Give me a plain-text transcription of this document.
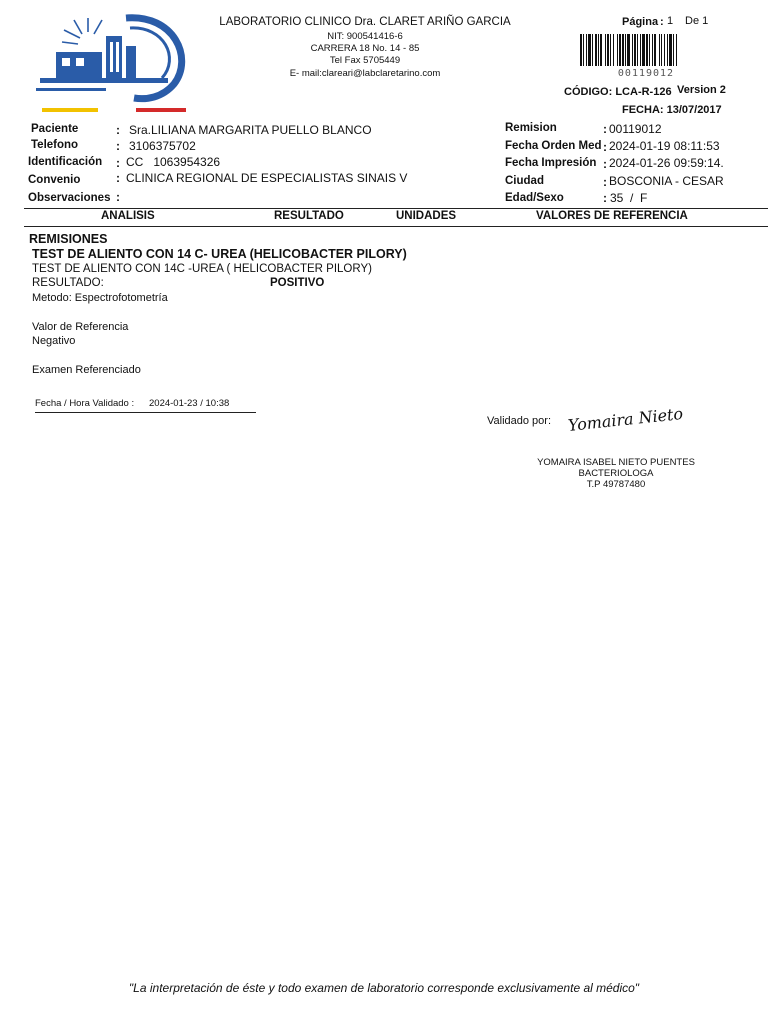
LABORATORIO CLINICO Dra. CLARET ARIÑO GARCIA
NIT: 900541416-6
CARRERA 18 No. 14 - 85
Tel Fax 5705449
E- mail:clareari@labclaretarino.com
Página : 1 De 1
00119012
CÓDIGO: LCA-R-126 Version 2
FECHA: 13/07/2017
Paciente	: Sra.LILIANA MARGARITA PUELLO BLANCO
Telefono	: 3106375702
Identificación : CC   1063954326
Convenio	: CLINICA REGIONAL DE ESPECIALISTAS SINAIS V
Observaciones :
Remision	: 00119012
Fecha Orden Med : 2024-01-19 08:11:53
Fecha Impresión : 2024-01-26 09:59:14.
Ciudad	: BOSCONIA - CESAR
Edad/Sexo	: 35  /  F
ANALISIS	RESULTADO	UNIDADES	VALORES DE REFERENCIA
REMISIONES
TEST DE ALIENTO CON 14 C- UREA (HELICOBACTER PILORY)
TEST DE ALIENTO CON 14C -UREA ( HELICOBACTER PILORY)
RESULTADO:	POSITIVO
Metodo: Espectrofotometría
Valor de Referencia
Negativo
Examen Referenciado
Fecha / Hora Validado : 2024-01-23 / 10:38
Validado por: Yomaira Nieto
YOMAIRA ISABEL NIETO PUENTES
BACTERIOLOGA
T.P 49787480
"La interpretación de éste y todo examen de laboratorio corresponde exclusivamente al médico"
